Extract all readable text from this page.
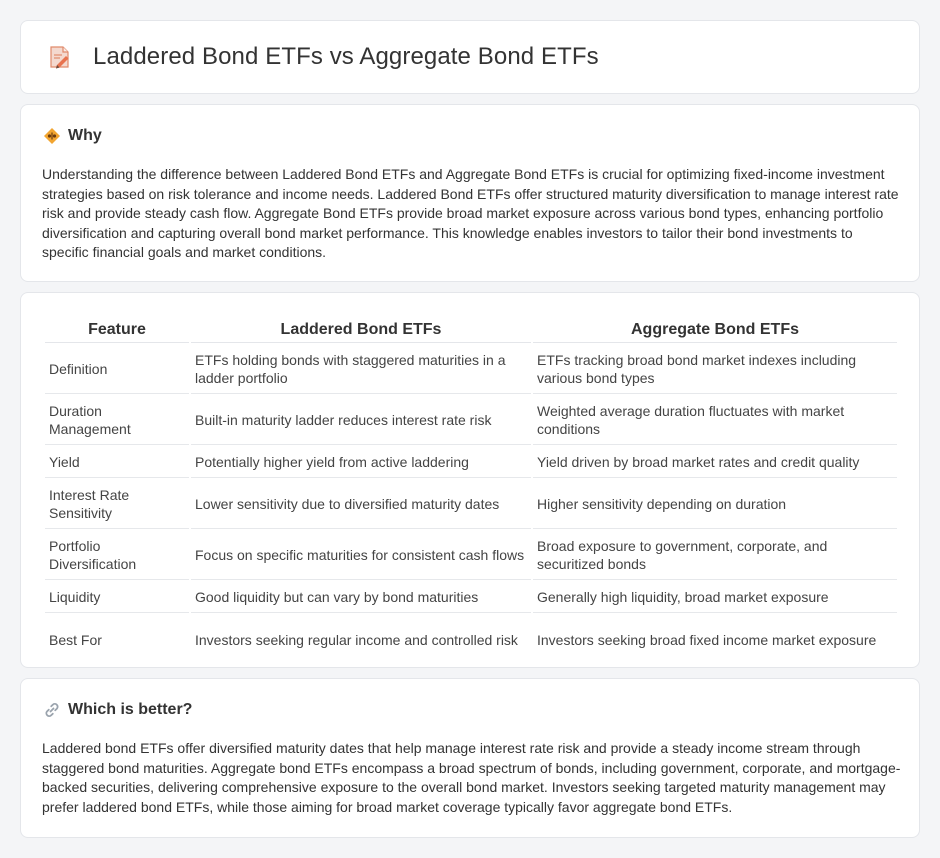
Laddered Bond ETFs vs Aggregate Bond ETFs
Why

Understanding the difference between Laddered Bond ETFs and Aggregate Bond ETFs is crucial for optimizing fixed-income investment strategies based on risk tolerance and income needs. Laddered Bond ETFs offer structured maturity diversification to manage interest rate risk and provide steady cash flow. Aggregate Bond ETFs provide broad market exposure across various bond types, enhancing portfolio diversification and capturing overall bond market performance. This knowledge enables investors to tailor their bond investments to specific financial goals and market conditions.

Feature	Laddered Bond ETFs	Aggregate Bond ETFs
Definition	ETFs holding bonds with staggered maturities in a ladder portfolio	ETFs tracking broad bond market indexes including various bond types
Duration Management	Built-in maturity ladder reduces interest rate risk	Weighted average duration fluctuates with market conditions
Yield	Potentially higher yield from active laddering	Yield driven by broad market rates and credit quality
Interest Rate Sensitivity	Lower sensitivity due to diversified maturity dates	Higher sensitivity depending on duration
Portfolio Diversification	Focus on specific maturities for consistent cash flows	Broad exposure to government, corporate, and securitized bonds
Liquidity	Good liquidity but can vary by bond maturities	Generally high liquidity, broad market exposure
Best For	Investors seeking regular income and controlled risk	Investors seeking broad fixed income market exposure
Which is better?

Laddered bond ETFs offer diversified maturity dates that help manage interest rate risk and provide a steady income stream through staggered bond maturities. Aggregate bond ETFs encompass a broad spectrum of bonds, including government, corporate, and mortgage-backed securities, delivering comprehensive exposure to the overall bond market. Investors seeking targeted maturity management may prefer laddered bond ETFs, while those aiming for broad market coverage typically favor aggregate bond ETFs.
